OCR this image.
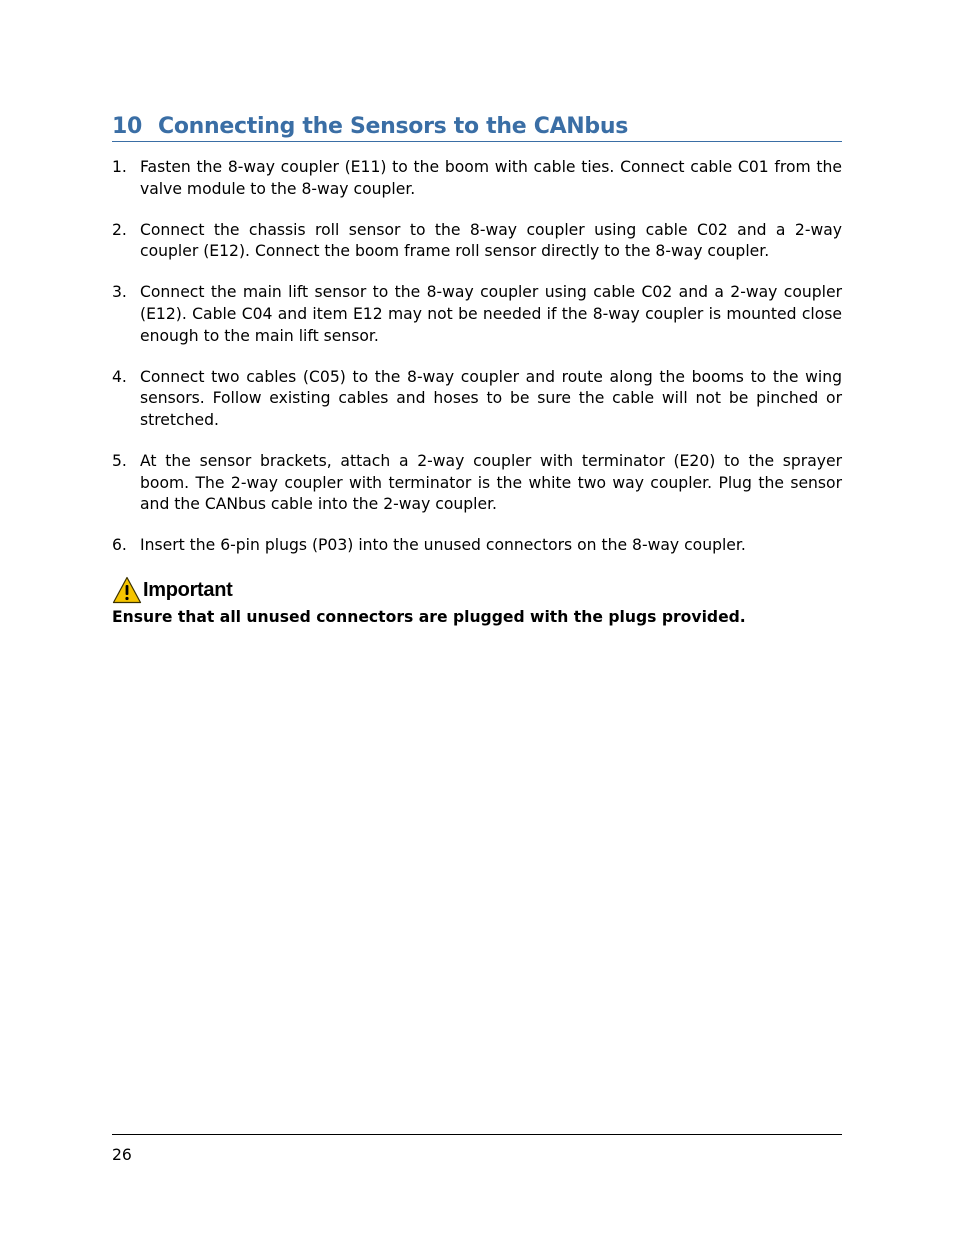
10 Connecting the Sensors to the CANbus
1. Fasten the 8-way coupler (E11) to the boom with cable ties. Connect cable C01 from the valve module to the 8-way coupler.
2. Connect the chassis roll sensor to the 8-way coupler using cable C02 and a 2-way coupler (E12). Connect the boom frame roll sensor directly to the 8-way coupler.
3. Connect the main lift sensor to the 8-way coupler using cable C02 and a 2-way coupler (E12). Cable C04 and item E12 may not be needed if the 8-way coupler is mounted close enough to the main lift sensor.
4. Connect two cables (C05) to the 8-way coupler and route along the booms to the wing sensors. Follow existing cables and hoses to be sure the cable will not be pinched or stretched.
5. At the sensor brackets, attach a 2-way coupler with terminator (E20) to the sprayer boom. The 2-way coupler with terminator is the white two way coupler. Plug the sensor and the CANbus cable into the 2-way coupler.
6. Insert the 6-pin plugs (P03) into the unused connectors on the 8-way coupler.
Important
Ensure that all unused connectors are plugged with the plugs provided.
26
